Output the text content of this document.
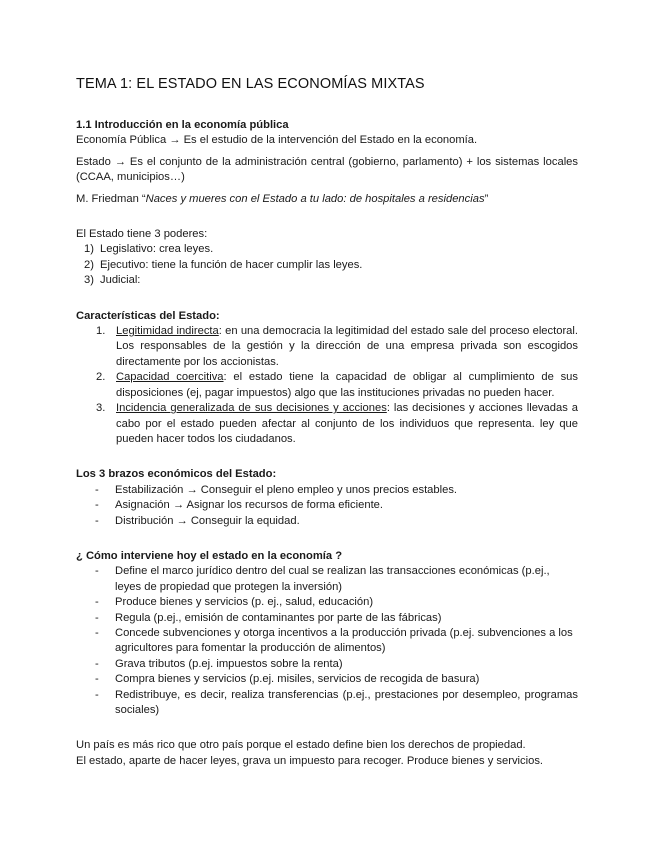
TEMA 1: EL ESTADO EN LAS ECONOMÍAS MIXTAS

1.1 Introducción en la economía pública

Economía Pública → Es el estudio de la intervención del Estado en la economía.

Estado → Es el conjunto de la administración central (gobierno, parlamento) + los sistemas locales (CCAA, municipios…)

M. Friedman “Naces y mueres con el Estado a tu lado: de hospitales a residencias”

El Estado tiene 3 poderes:

1) Legislativo: crea leyes.
2) Ejecutivo: tiene la función de hacer cumplir las leyes.
3) Judicial:

Características del Estado:

1. Legitimidad indirecta: en una democracia la legitimidad del estado sale del proceso electoral. Los responsables de la gestión y la dirección de una empresa privada son escogidos directamente por los accionistas.
2. Capacidad coercitiva: el estado tiene la capacidad de obligar al cumplimiento de sus disposiciones (ej, pagar impuestos) algo que las instituciones privadas no pueden hacer.
3. Incidencia generalizada de sus decisiones y acciones: las decisiones y acciones llevadas a cabo por el estado pueden afectar al conjunto de los individuos que representa. ley que pueden hacer todos los ciudadanos.

Los 3 brazos económicos del Estado:

-	Estabilización → Conseguir el pleno empleo y unos precios estables.
-	Asignación → Asignar los recursos de forma eficiente.
-	Distribución → Conseguir la equidad.

¿ Cómo interviene hoy el estado en la economía ?

-	Define el marco jurídico dentro del cual se realizan las transacciones económicas (p.ej., leyes de propiedad que protegen la inversión)
-	Produce bienes y servicios (p. ej., salud, educación)
-	Regula (p.ej., emisión de contaminantes por parte de las fábricas)
-	Concede subvenciones y otorga incentivos a la producción privada (p.ej. subvenciones a los agricultores para fomentar la producción de alimentos)
-	Grava tributos (p.ej. impuestos sobre la renta)
-	Compra bienes y servicios (p.ej. misiles, servicios de recogida de basura)
-	Redistribuye, es decir, realiza transferencias (p.ej., prestaciones por desempleo, programas sociales)

Un país es más rico que otro país porque el estado define bien los derechos de propiedad.

El estado, aparte de hacer leyes, grava un impuesto para recoger. Produce bienes y servicios.
